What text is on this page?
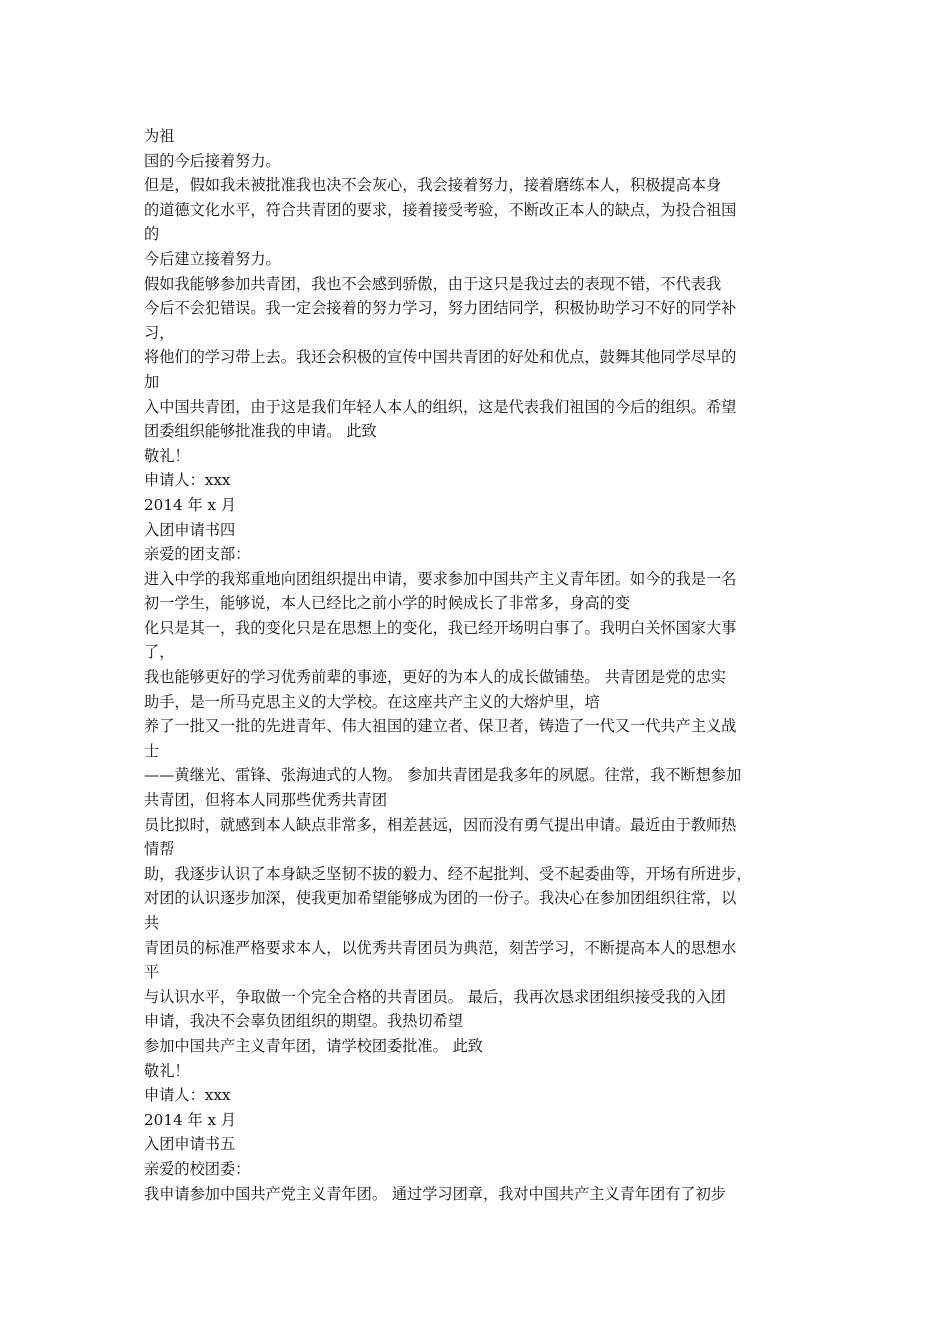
为祖
国的今后接着努力。
但是，假如我未被批准我也决不会灰心，我会接着努力，接着磨练本人，积极提高本身
的道德文化水平，符合共青团的要求，接着接受考验，不断改正本人的缺点，为投合祖国
的
今后建立接着努力。
假如我能够参加共青团，我也不会感到骄傲，由于这只是我过去的表现不错，不代表我
今后不会犯错误。我一定会接着的努力学习，努力团结同学，积极协助学习不好的同学补
习，
将他们的学习带上去。我还会积极的宣传中国共青团的好处和优点，鼓舞其他同学尽早的
加
入中国共青团，由于这是我们年轻人本人的组织，这是代表我们祖国的今后的组织。希望
团委组织能够批准我的申请。 此致
敬礼！
申请人：xxx
2014 年 x 月
入团申请书四
亲爱的团支部：
进入中学的我郑重地向团组织提出申请，要求参加中国共产主义青年团。如今的我是一名
初一学生，能够说，本人已经比之前小学的时候成长了非常多，身高的变
化只是其一，我的变化只是在思想上的变化，我已经开场明白事了。我明白关怀国家大事
了，
我也能够更好的学习优秀前辈的事迹，更好的为本人的成长做铺垫。 共青团是党的忠实
助手，是一所马克思主义的大学校。在这座共产主义的大熔炉里，培
养了一批又一批的先进青年、伟大祖国的建立者、保卫者，铸造了一代又一代共产主义战
士
——黄继光、雷锋、张海迪式的人物。 参加共青团是我多年的夙愿。往常，我不断想参加
共青团，但将本人同那些优秀共青团
员比拟时，就感到本人缺点非常多，相差甚远，因而没有勇气提出申请。最近由于教师热
情帮
助，我逐步认识了本身缺乏坚韧不拔的毅力、经不起批判、受不起委曲等，开场有所进步，
对团的认识逐步加深，使我更加希望能够成为团的一份子。我决心在参加团组织往常，以
共
青团员的标准严格要求本人，以优秀共青团员为典范，刻苦学习，不断提高本人的思想水
平
与认识水平，争取做一个完全合格的共青团员。 最后，我再次恳求团组织接受我的入团
申请，我决不会辜负团组织的期望。我热切希望
参加中国共产主义青年团，请学校团委批准。 此致
敬礼！
申请人：xxx
2014 年 x 月
入团申请书五
亲爱的校团委：
我申请参加中国共产党主义青年团。 通过学习团章，我对中国共产主义青年团有了初步
